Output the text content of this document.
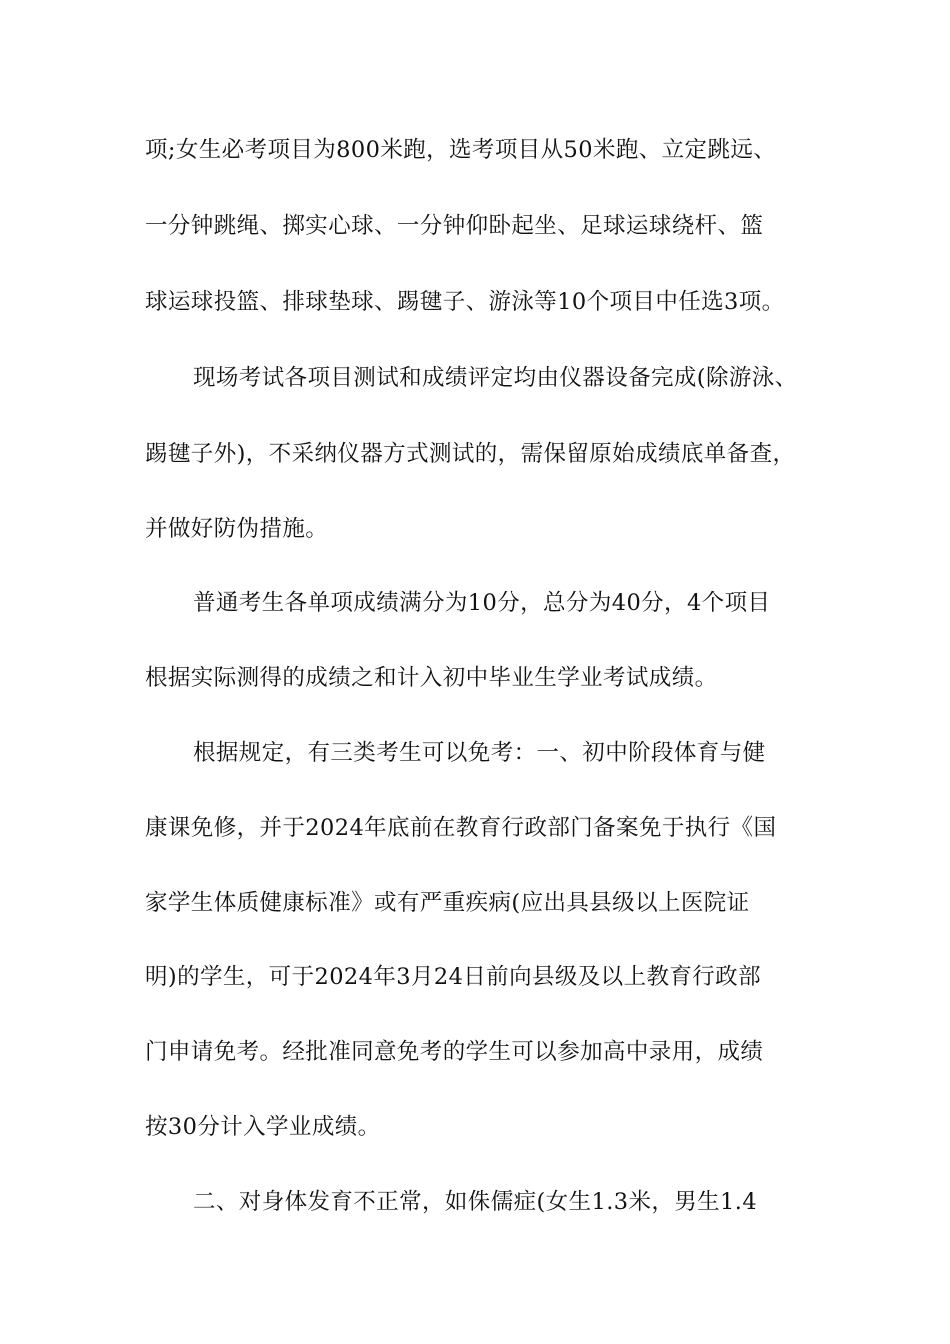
项;女生必考项目为800米跑，选考项目从50米跑、立定跳远、
一分钟跳绳、掷实心球、一分钟仰卧起坐、足球运球绕杆、篮
球运球投篮、排球垫球、踢毽子、游泳等10个项目中任选3项。
现场考试各项目测试和成绩评定均由仪器设备完成(除游泳、
踢毽子外)，不采纳仪器方式测试的，需保留原始成绩底单备查，
并做好防伪措施。
普通考生各单项成绩满分为10分，总分为40分，4个项目
根据实际测得的成绩之和计入初中毕业生学业考试成绩。
根据规定，有三类考生可以免考：一、初中阶段体育与健
康课免修，并于2024年底前在教育行政部门备案免于执行《国
家学生体质健康标准》或有严重疾病(应出具县级以上医院证
明)的学生，可于2024年3月24日前向县级及以上教育行政部
门申请免考。经批准同意免考的学生可以参加高中录用，成绩
按30分计入学业成绩。
二、对身体发育不正常，如侏儒症(女生1.3米，男生1.4
